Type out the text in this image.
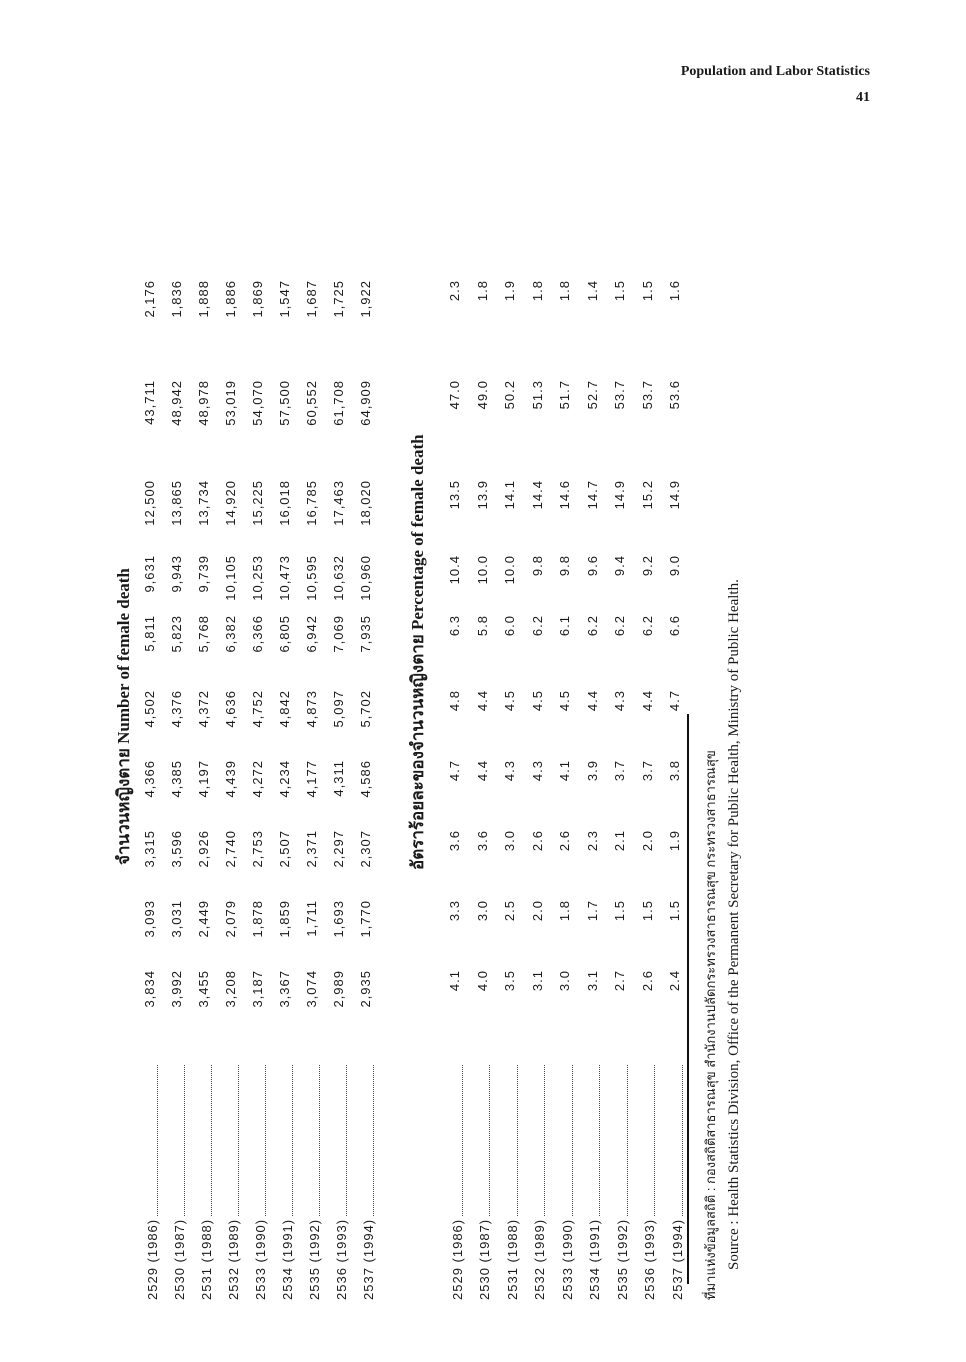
Population and Labor Statistics
41
จำนวนหญิงตาย Number of female death
2529 (1986)
3,834
3,093
3,315
4,366
4,502
5,811
9,631
12,500
43,711
2,176
2530 (1987)
3,992
3,031
3,596
4,385
4,376
5,823
9,943
13,865
48,942
1,836
2531 (1988)
3,455
2,449
2,926
4,197
4,372
5,768
9,739
13,734
48,978
1,888
2532 (1989)
3,208
2,079
2,740
4,439
4,636
6,382
10,105
14,920
53,019
1,886
2533 (1990)
3,187
1,878
2,753
4,272
4,752
6,366
10,253
15,225
54,070
1,869
2534 (1991)
3,367
1,859
2,507
4,234
4,842
6,805
10,473
16,018
57,500
1,547
2535 (1992)
3,074
1,711
2,371
4,177
4,873
6,942
10,595
16,785
60,552
1,687
2536 (1993)
2,989
1,693
2,297
4,311
5,097
7,069
10,632
17,463
61,708
1,725
2537 (1994)
2,935
1,770
2,307
4,586
5,702
7,935
10,960
18,020
64,909
1,922
อัตราร้อยละของจำนวนหญิงตาย Percentage of female death
2529 (1986)
4.1
3.3
3.6
4.7
4.8
6.3
10.4
13.5
47.0
2.3
2530 (1987)
4.0
3.0
3.6
4.4
4.4
5.8
10.0
13.9
49.0
1.8
2531 (1988)
3.5
2.5
3.0
4.3
4.5
6.0
10.0
14.1
50.2
1.9
2532 (1989)
3.1
2.0
2.6
4.3
4.5
6.2
9.8
14.4
51.3
1.8
2533 (1990)
3.0
1.8
2.6
4.1
4.5
6.1
9.8
14.6
51.7
1.8
2534 (1991)
3.1
1.7
2.3
3.9
4.4
6.2
9.6
14.7
52.7
1.4
2535 (1992)
2.7
1.5
2.1
3.7
4.3
6.2
9.4
14.9
53.7
1.5
2536 (1993)
2.6
1.5
2.0
3.7
4.4
6.2
9.2
15.2
53.7
1.5
2537 (1994)
2.4
1.5
1.9
3.8
4.7
6.6
9.0
14.9
53.6
1.6
ที่มาแห่งข้อมูลสถิติ : กองสถิติสาธารณสุข สำนักงานปลัดกระทรวงสาธารณสุข กระทรวงสาธารณสุข Source : Health Statistics Division, Office of the Permanent Secretary for Public Health, Ministry of Public Health.
